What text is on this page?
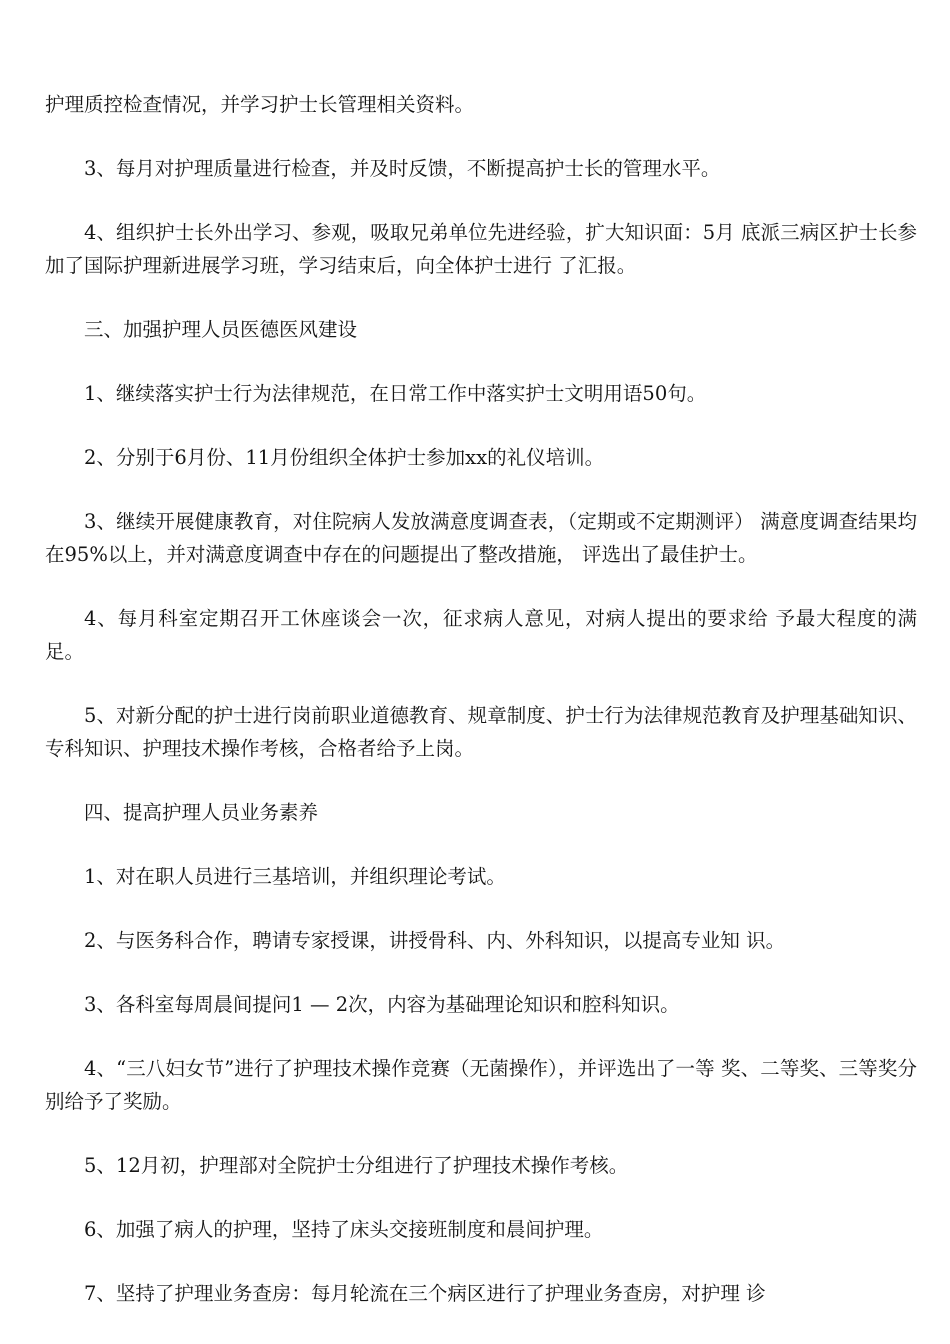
护理质控检查情况，并学习护士长管理相关资料。

3、每月对护理质量进行检查，并及时反馈，不断提高护士长的管理水平。

4、组织护士长外出学习、参观，吸取兄弟单位先进经验，扩大知识面：5月 底派三病区护士长参加了国际护理新进展学习班，学习结束后，向全体护士进行 了汇报。

三、加强护理人员医德医风建设

1、继续落实护士行为法律规范，在日常工作中落实护士文明用语50句。

2、分别于6月份、11月份组织全体护士参加xx的礼仪培训。

3、继续开展健康教育，对住院病人发放满意度调查表，（定期或不定期测评） 满意度调查结果均在95%以上，并对满意度调查中存在的问题提出了整改措施， 评选出了最佳护士。

4、每月科室定期召开工休座谈会一次，征求病人意见，对病人提出的要求给 予最大程度的满足。

5、对新分配的护士进行岗前职业道德教育、规章制度、护士行为法律规范教育及护理基础知识、专科知识、护理技术操作考核，合格者给予上岗。

四、提高护理人员业务素养

1、对在职人员进行三基培训，并组织理论考试。

2、与医务科合作，聘请专家授课，讲授骨科、内、外科知识，以提高专业知 识。

3、各科室每周晨间提问1 — 2次，内容为基础理论知识和腔科知识。

4、“三八妇女节”进行了护理技术操作竞赛（无菌操作），并评选出了一等 奖、二等奖、三等奖分别给予了奖励。

5、12月初，护理部对全院护士分组进行了护理技术操作考核。

6、加强了病人的护理，坚持了床头交接班制度和晨间护理。

7、坚持了护理业务查房：每月轮流在三个病区进行了护理业务查房，对护理 诊
